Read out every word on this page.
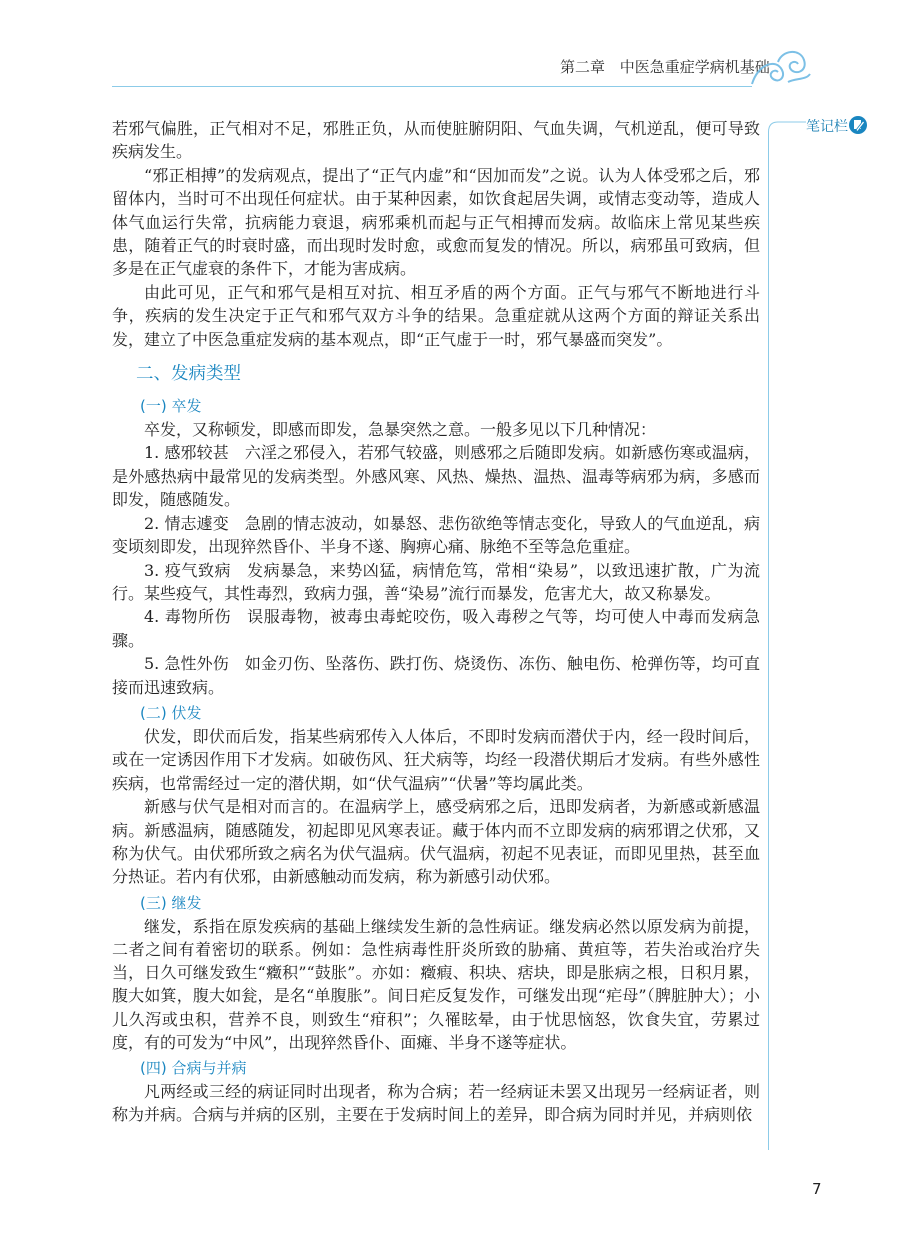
第二章 中医急重症学病机基础
笔记栏

若邪气偏胜，正气相对不足，邪胜正负，从而使脏腑阴阳、气血失调，气机逆乱，便可导致疾病发生。

“邪正相搏”的发病观点，提出了“正气内虚”和“因加而发”之说。认为人体受邪之后，邪留体内，当时可不出现任何症状。由于某种因素，如饮食起居失调，或情志变动等，造成人体气血运行失常，抗病能力衰退，病邪乘机而起与正气相搏而发病。故临床上常见某些疾患，随着正气的时衰时盛，而出现时发时愈，或愈而复发的情况。所以，病邪虽可致病，但多是在正气虚衰的条件下，才能为害成病。

由此可见，正气和邪气是相互对抗、相互矛盾的两个方面。正气与邪气不断地进行斗争，疾病的发生决定于正气和邪气双方斗争的结果。急重症就从这两个方面的辩证关系出发，建立了中医急重症发病的基本观点，即“正气虚于一时，邪气暴盛而突发”。

二、发病类型
(一) 卒发

卒发，又称顿发，即感而即发，急暴突然之意。一般多见以下几种情况：

1. 感邪较甚 六淫之邪侵入，若邪气较盛，则感邪之后随即发病。如新感伤寒或温病，是外感热病中最常见的发病类型。外感风寒、风热、燥热、温热、温毒等病邪为病，多感而即发，随感随发。

2. 情志遽变 急剧的情志波动，如暴怒、悲伤欲绝等情志变化，导致人的气血逆乱，病变顷刻即发，出现猝然昏仆、半身不遂、胸痹心痛、脉绝不至等急危重症。

3. 疫气致病 发病暴急，来势凶猛，病情危笃，常相“染易”，以致迅速扩散，广为流行。某些疫气，其性毒烈，致病力强，善“染易”流行而暴发，危害尤大，故又称暴发。

4. 毒物所伤 误服毒物，被毒虫毒蛇咬伤，吸入毒秽之气等，均可使人中毒而发病急骤。

5. 急性外伤 如金刃伤、坠落伤、跌打伤、烧烫伤、冻伤、触电伤、枪弹伤等，均可直接而迅速致病。

(二) 伏发

伏发，即伏而后发，指某些病邪传入人体后，不即时发病而潜伏于内，经一段时间后，或在一定诱因作用下才发病。如破伤风、狂犬病等，均经一段潜伏期后才发病。有些外感性疾病，也常需经过一定的潜伏期，如“伏气温病”“伏暑”等均属此类。

新感与伏气是相对而言的。在温病学上，感受病邪之后，迅即发病者，为新感或新感温病。新感温病，随感随发，初起即见风寒表证。藏于体内而不立即发病的病邪谓之伏邪，又称为伏气。由伏邪所致之病名为伏气温病。伏气温病，初起不见表证，而即见里热，甚至血分热证。若内有伏邪，由新感触动而发病，称为新感引动伏邪。

(三) 继发

继发，系指在原发疾病的基础上继续发生新的急性病证。继发病必然以原发病为前提，二者之间有着密切的联系。例如：急性病毒性肝炎所致的胁痛、黄疸等，若失治或治疗失当，日久可继发致生“癥积”“鼓胀”。亦如：癥瘕、积块、痞块，即是胀病之根，日积月累，腹大如箕，腹大如瓮，是名“单腹胀”。间日疟反复发作，可继发出现“疟母”（脾脏肿大）；小儿久泻或虫积，营养不良，则致生“疳积”；久罹眩晕，由于忧思恼怒，饮食失宜，劳累过度，有的可发为“中风”，出现猝然昏仆、面瘫、半身不遂等症状。

(四) 合病与并病

凡两经或三经的病证同时出现者，称为合病；若一经病证未罢又出现另一经病证者，则称为并病。合病与并病的区别，主要在于发病时间上的差异，即合病为同时并见，并病则依

7
